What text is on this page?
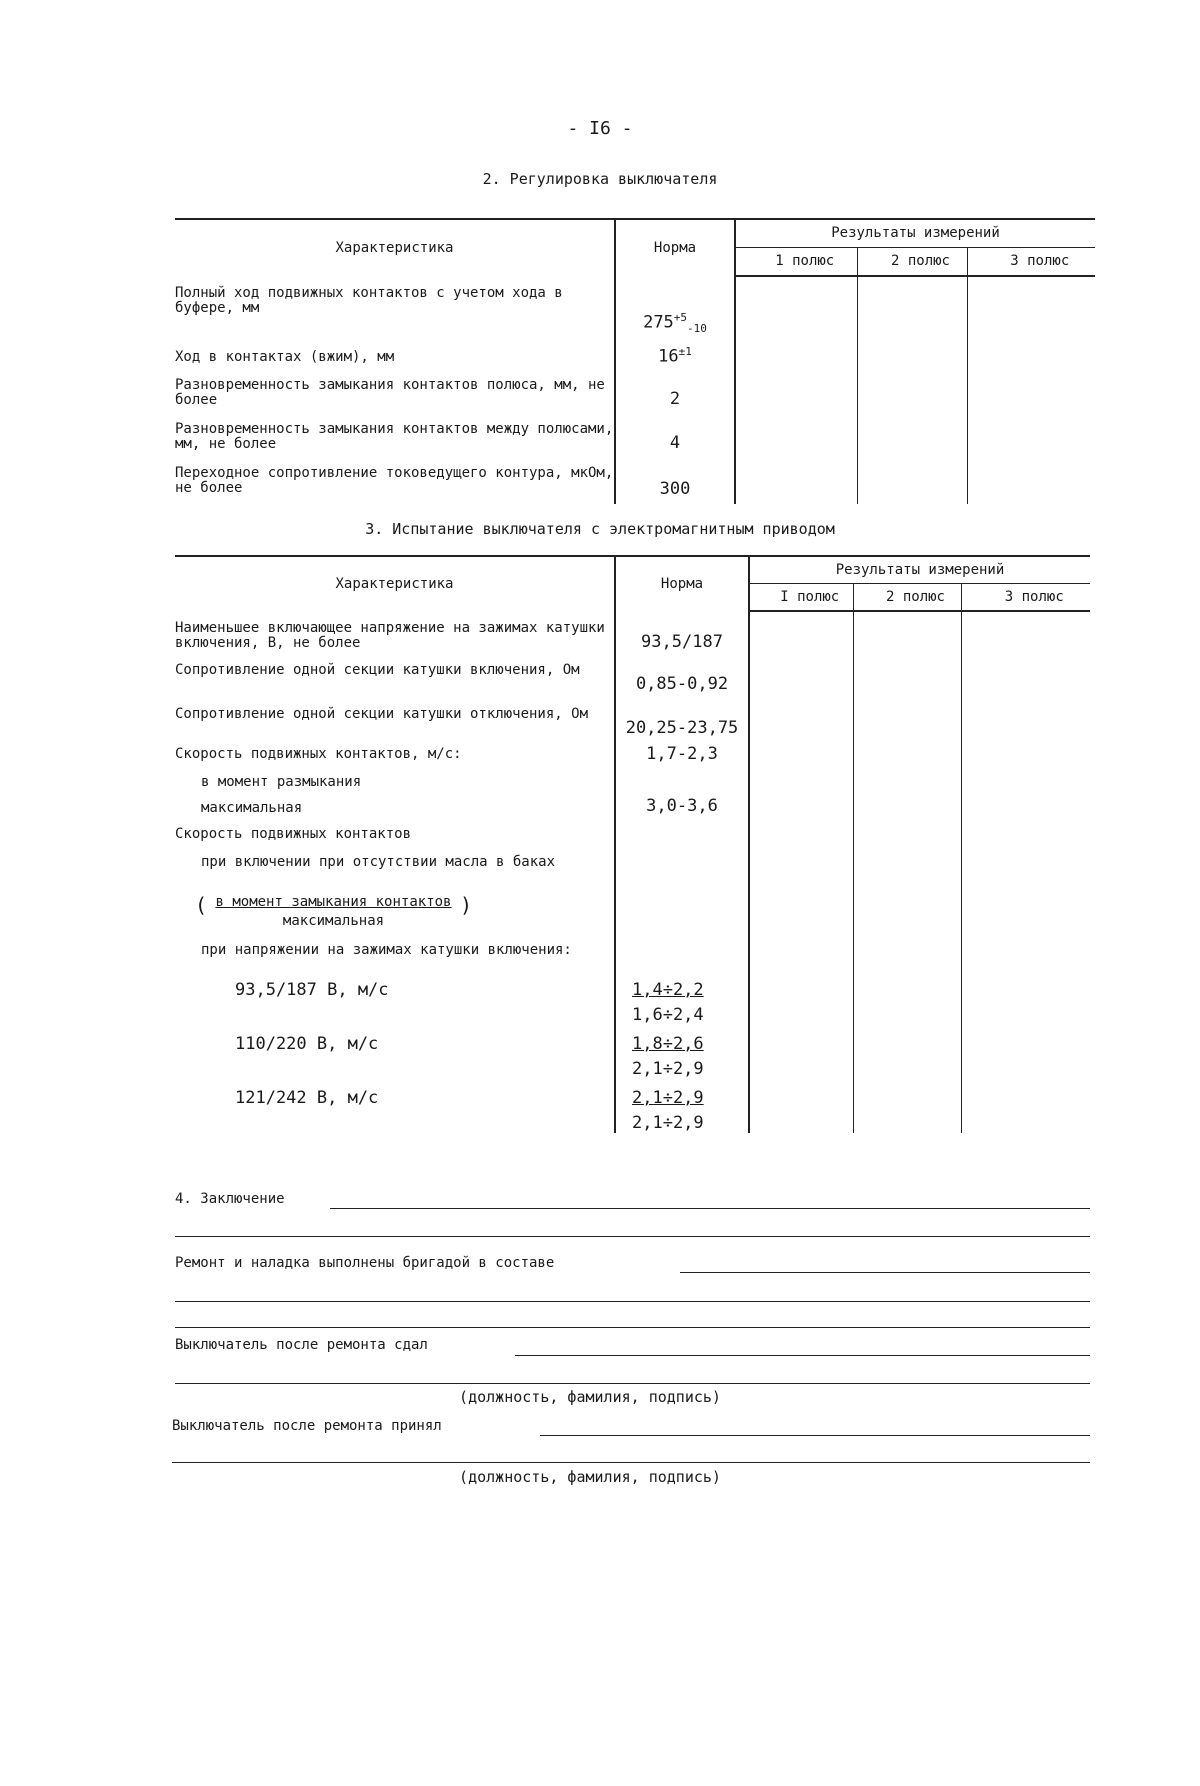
- I6 -
2. Регулировка выключателя
Характеристика	Норма	Результаты измерений		
		1 полюс	2 полюс	3 полюс
Полный ход подвижных контактов с учетом хода в буфере, мм	$275^{+5}_{-10}$			
Ход в контактах (вжим), мм	$16^{\pm 1}$			
Разновременность замыкания контактов полюса, мм, не более	2			
Разновременность замыкания контактов между полюсами, мм, не более	4			
Переходное сопротивление токоведущего контура, мкОм, не более	300			
3. Испытание выключателя с электромагнитным приводом
Характеристика	Норма	Результаты измерений		
		I полюс	2 полюс	3 полюс
Наименьшее включающее напряжение на зажимах катушки включения, В, не более	93,5/187			
Сопротивление одной секции катушки включения, Ом	0,85-0,92			
Сопротивление одной секции катушки отключения, Ом	20,25-23,75			
Скорость подвижных контактов, м/с:	1,7-2,3			
в момент размыкания				
максимальная	3,0-3,6			
Скорость подвижных контактов				
при включении при отсутствии масла в баках				
( в момент замыкания контактов
максимальная
)				
при напряжении на зажимах катушки включения:				
93,5/187 В, м/с	1,4÷2,2
1,6÷2,4			

110/220 В, м/с	1,8÷2,6
2,1÷2,9			

121/242 В, м/с	2,1÷2,9
2,1÷2,9			

4. Заключение
Ремонт и наладка выполнены бригадой в составе
Выключатель после ремонта сдал
(должность, фамилия, подпись)
Выключатель после ремонта принял
(должность, фамилия, подпись)
